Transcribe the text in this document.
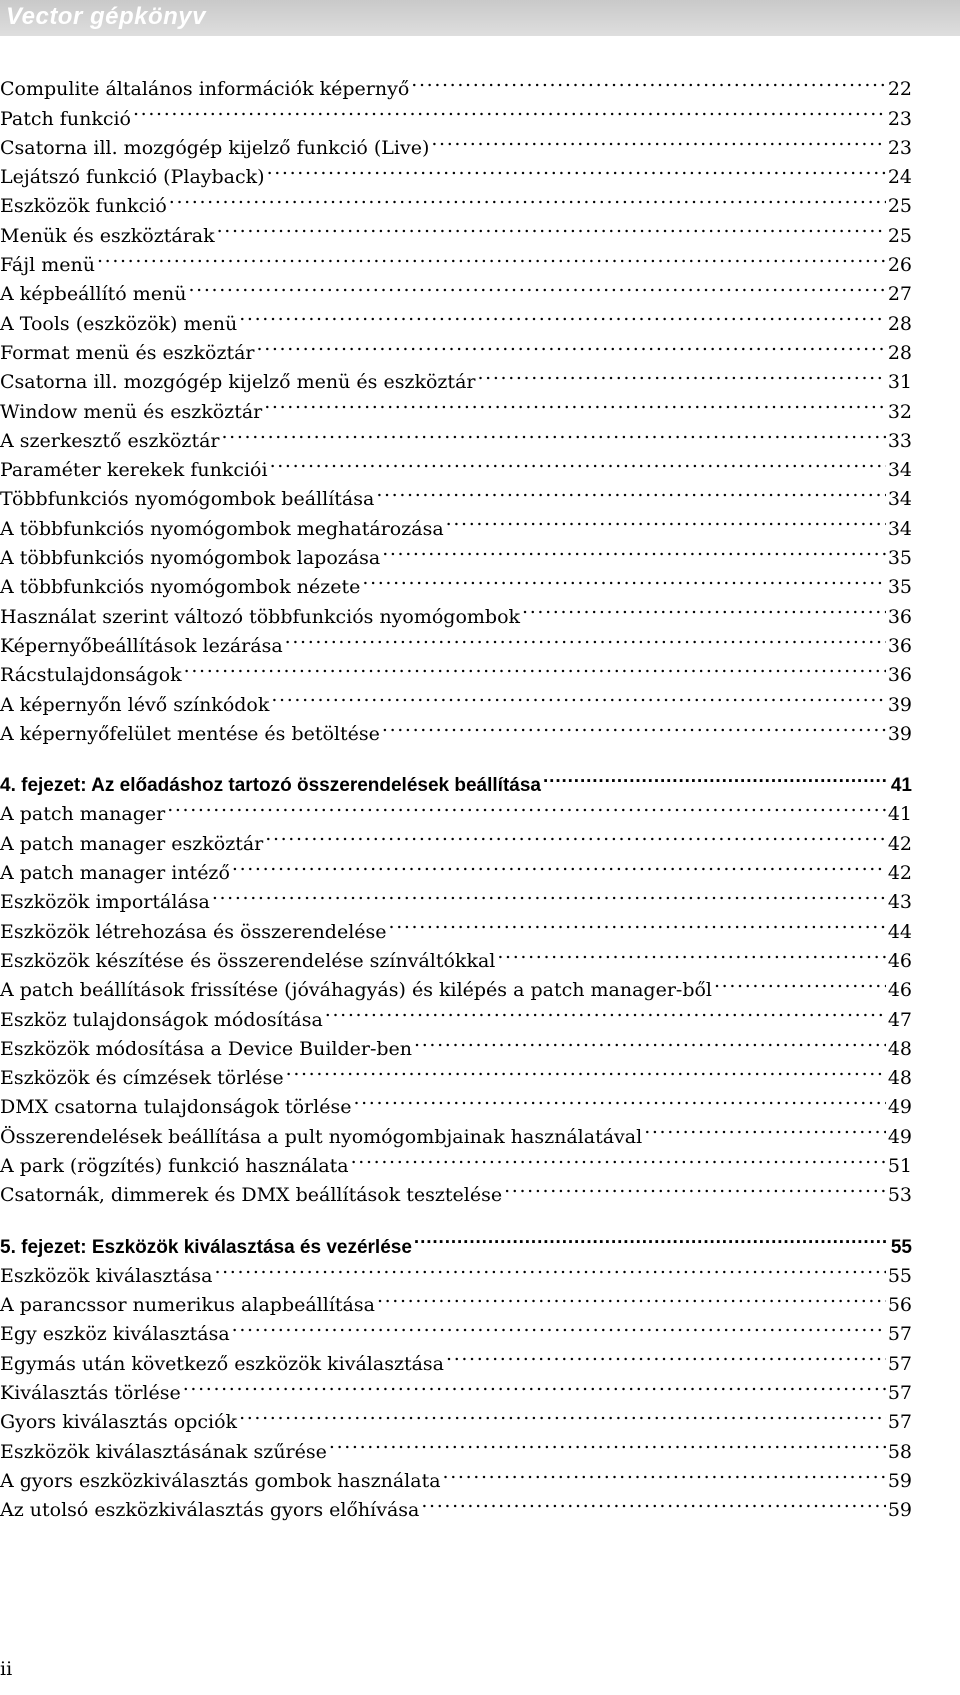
Vector gépkönyv
Compulite általános információk képernyő . . .	22
Patch funkció . . .	23
Csatorna ill. mozgógép kijelző funkció (Live) . . .	23
Lejátszó funkció (Playback) . . .	24
Eszközök funkció . . .	25
Menük és eszköztárak . . .	25
Fájl menü . . .	26
A képbeállító menü . . .	27
A Tools (eszközök) menü . . .	28
Format menü és eszköztár . . .	28
Csatorna ill. mozgógép kijelző menü és eszköztár . . .	31
Window menü és eszköztár . . .	32
A szerkesztő eszköztár . . .	33
Paraméter kerekek funkciói . . .	34
Többfunkciós nyomógombok beállítása . . .	34
A többfunkciós nyomógombok meghatározása . . .	34
A többfunkciós nyomógombok lapozása . . .	35
A többfunkciós nyomógombok nézete . . .	35
Használat szerint változó többfunkciós nyomógombok . . .	36
Képernyőbeállítások lezárása . . .	36
Rácstulajdonságok . . .	36
A képernyőn lévő színkódok . . .	39
A képernyőfelület mentése és betöltése . . .	39
4. fejezet: Az előadáshoz tartozó összerendelések beállítása . . .	41
A patch manager . . .	41
A patch manager eszköztár . . .	42
A patch manager intéző . . .	42
Eszközök importálása . . .	43
Eszközök létrehozása és összerendelése . . .	44
Eszközök készítése és összerendelése színváltókkal . . .	46
A patch beállítások frissítése (jóváhagyás) és kilépés a patch manager-ből . . .	46
Eszköz tulajdonságok módosítása . . .	47
Eszközök módosítása a Device Builder-ben . . .	48
Eszközök és címzések törlése . . .	48
DMX csatorna tulajdonságok törlése . . .	49
Összerendelések beállítása a pult nyomógombjainak használatával . . .	49
A park (rögzítés) funkció használata . . .	51
Csatornák, dimmerek és DMX beállítások tesztelése . . .	53
5. fejezet: Eszközök kiválasztása és vezérlése . . .	55
Eszközök kiválasztása . . .	55
A parancssor numerikus alapbeállítása . . .	56
Egy eszköz kiválasztása . . .	57
Egymás után következő eszközök kiválasztása . . .	57
Kiválasztás törlése . . .	57
Gyors kiválasztás opciók . . .	57
Eszközök kiválasztásának szűrése . . .	58
A gyors eszközkiválasztás gombok használata . . .	59
Az utolsó eszközkiválasztás gyors előhívása . . .	59
ii
